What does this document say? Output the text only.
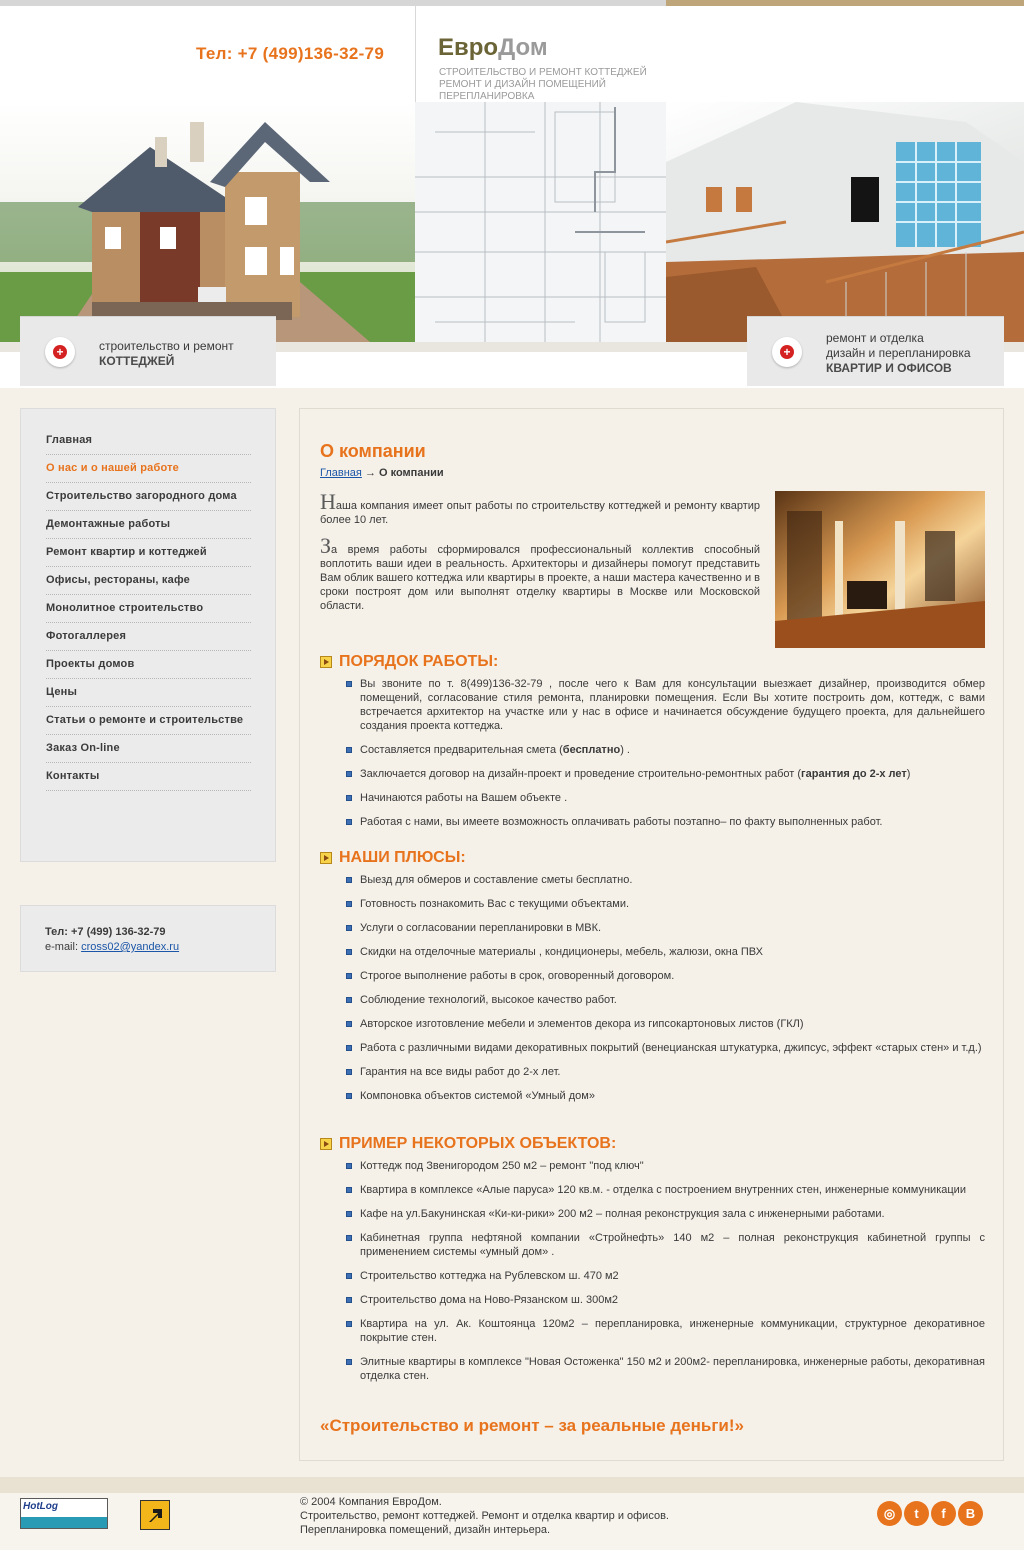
Тел: +7 (499)136-32-79 ЕвроДом
СТРОИТЕЛЬСТВО И РЕМОНТ КОТТЕДЖЕЙ
РЕМОНТ И ДИЗАЙН ПОМЕЩЕНИЙ
ПЕРЕПЛАНИРОВКА
+	строительство и ремонт
КОТТЕДЖЕЙ
+
ремонт и отделка
дизайн и перепланировка
КВАРТИР И ОФИСОВ
Главная
О нас и о нашей работе
Строительство загородного дома
Демонтажные работы
Ремонт квартир и коттеджей
Офисы, рестораны, кафе
Монолитное строительство
Фотогаллерея
Проекты домов
Цены
Статьи о ремонте и строительстве
Заказ On-line
Контакты
Тел: +7 (499) 136-32-79
e-mail: cross02@yandex.ru
О компании
Главная → О компании

Наша компания имеет опыт работы по строительству коттеджей и ремонту квартир более 10 лет.

За время работы сформировался профессиональный коллектив способный воплотить ваши идеи в реальность. Архитекторы и дизайнеры помогут представить Вам облик вашего коттеджа или квартиры в проекте, а наши мастера качественно и в сроки построят дом или выполнят отделку квартиры в Москве или Московской области.

ПОРЯДОК РАБОТЫ:
Вы звоните по т. 8(499)136-32-79 , после чего к Вам для консультации выезжает дизайнер, производится обмер помещений, согласование стиля ремонта, планировки помещения. Если Вы хотите построить дом, коттедж, с вами встречается архитектор на участке или у нас в офисе и начинается обсуждение будущего проекта, для дальнейшего создания проекта коттеджа.
Составляется предварительная смета (бесплатно) .
Заключается договор на дизайн-проект и проведение строительно-ремонтных работ (гарантия до 2-х лет)
Начинаются работы на Вашем объекте .
Работая с нами, вы имеете возможность оплачивать работы поэтапно– по факту выполненных работ.
НАШИ ПЛЮСЫ:
Выезд для обмеров и составление сметы бесплатно.
Готовность познакомить Вас с текущими объектами.
Услуги о согласовании перепланировки в МВК.
Скидки на отделочные материалы , кондиционеры, мебель, жалюзи, окна ПВХ
Строгое выполнение работы в срок, оговоренный договором.
Соблюдение технологий, высокое качество работ.
Авторское изготовление мебели и элементов декора из гипсокартоновых листов (ГКЛ)
Работа с различными видами декоративных покрытий (венецианская штукатурка, джипсус, эффект «старых стен» и т.д.)
Гарантия на все виды работ до 2-х лет.
Компоновка объектов системой «Умный дом»
ПРИМЕР НЕКОТОРЫХ ОБЪЕКТОВ:
Коттедж под Звенигородом 250 м2 – ремонт "под ключ"
Квартира в комплексе «Алые паруса» 120 кв.м. - отделка с построением внутренних стен, инженерные коммуникации
Кафе на ул.Бакунинская «Ки-ки-рики» 200 м2 – полная реконструкция зала с инженерными работами.
Кабинетная группа нефтяной компании «Стройнефть» 140 м2 – полная реконструкция кабинетной группы с применением системы «умный дом» .
Строительство коттеджа на Рублевском ш. 470 м2
Строительство дома на Ново-Рязанском ш. 300м2
Квартира на ул. Ак. Коштоянца 120м2 – перепланировка, инженерные коммуникации, структурное декоративное покрытие стен.
Элитные квартиры в комплексе "Новая Остоженка" 150 м2 и 200м2- перепланировка, инженерные работы, декоративная отделка стен.
«Строительство и ремонт – за реальные деньги!»
HotLog	© 2004 Компания ЕвроДом.
Строительство, ремонт коттеджей. Ремонт и отделка квартир и офисов.
Перепланировка помещений, дизайн интерьера.
◎	t	f	B
